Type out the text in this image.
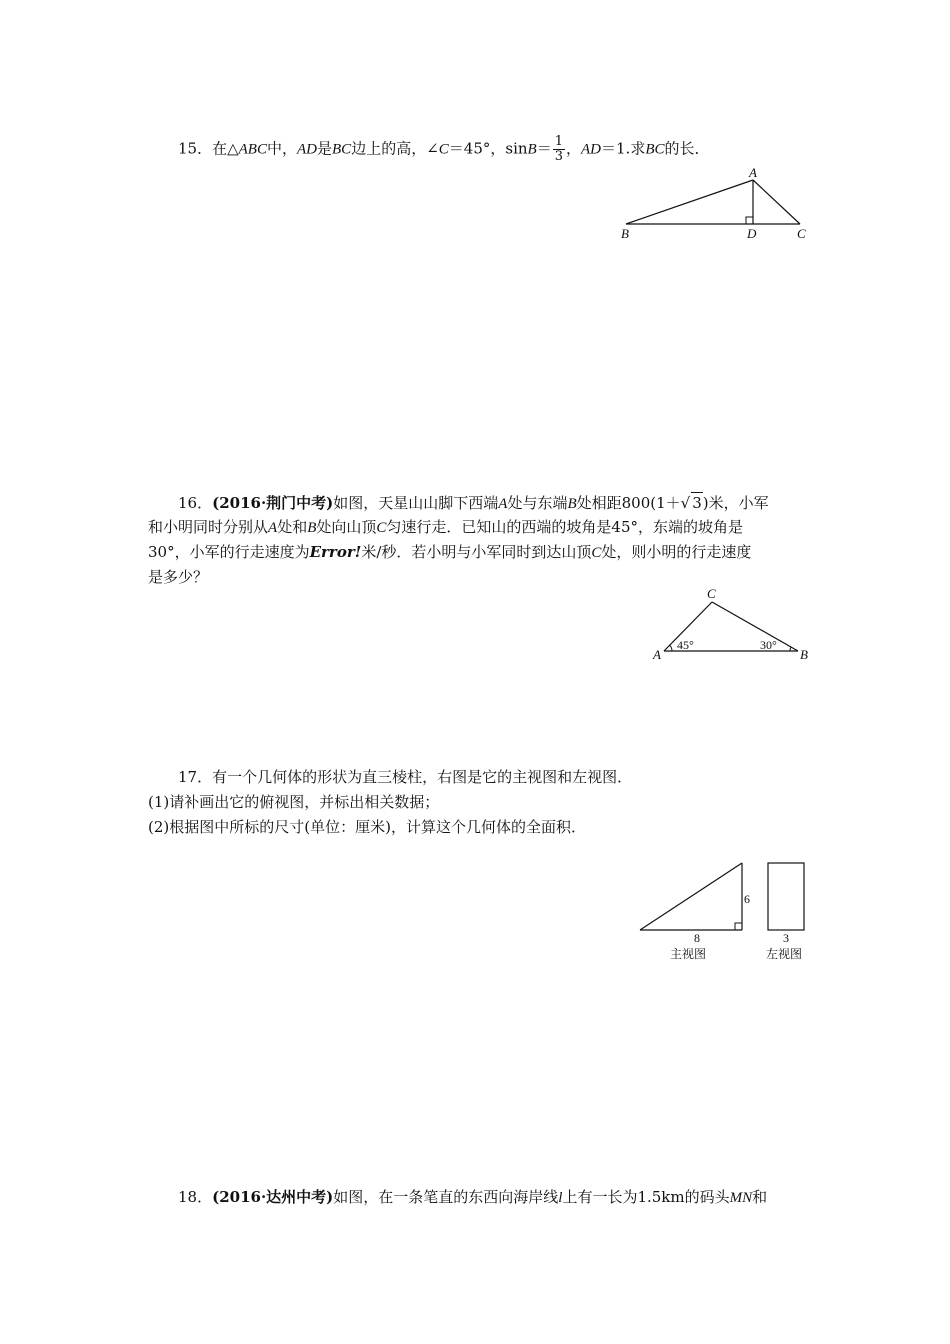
15．在△ABC中，AD是BC边上的高，∠C＝45°，$\sin B= \frac{1}{3}$ ，AD＝1.求BC的长．
A
B	D	C
16．(2016·荆门中考)如图，天星山山脚下西端A处与东端B处相距800(1＋√ 3)米，小军
和小明同时分别从A处和B处向山顶C匀速行走．已知山的西端的坡角是45°，东端的坡角是
30°，小军的行走速度为Error!米/秒．若小明与小军同时到达山顶C处，则小明的行走速度
是多少？
C
A	B
45°	30°
17．有一个几何体的形状为直三棱柱，右图是它的主视图和左视图．
(1)请补画出它的俯视图，并标出相关数据；
(2)根据图中所标的尺寸(单位：厘米)，计算这个几何体的全面积．
6
8
主视图
3
左视图
18．(2016·达州中考)如图，在一条笔直的东西向海岸线l上有一长为1.5km的码头MN和
